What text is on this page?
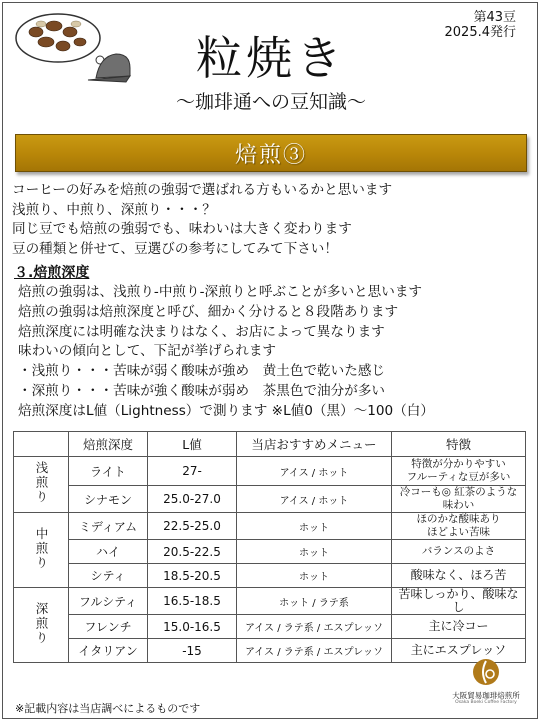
第43豆
2025.4発行
粒焼き
～珈琲通への豆知識～
焙煎③
コーヒーの好みを焙煎の強弱で選ばれる方もいるかと思います
浅煎り、中煎り、深煎り・・・？
同じ豆でも焙煎の強弱でも、味わいは大きく変わります
豆の種類と併せて、豆選びの参考にしてみて下さい！
３.焙煎深度
焙煎の強弱は、浅煎り-中煎り-深煎りと呼ぶことが多いと思います
焙煎の強弱は焙煎深度と呼び、細かく分けると８段階あります
焙煎深度には明確な決まりはなく、お店によって異なります
味わいの傾向として、下記が挙げられます
・浅煎り・・・苦味が弱く酸味が強め　黄土色で乾いた感じ
・深煎り・・・苦味が強く酸味が弱め　茶黒色で油分が多い
焙煎深度はL値（Lightness）で測ります ※L値0（黒）～100（白）
	焙煎深度	L値	当店おすすめメニュー	特徴
浅煎り	ライト	27-	アイス / ホット	特徴が分かりやすい
フルーティな豆が多い

	シナモン	25.0-27.0	アイス / ホット	冷コーも◎ 紅茶のような味わい

中煎り	ミディアム	22.5-25.0	ホット	ほのかな酸味あり
ほどよい苦味

	ハイ	20.5-22.5	ホット	バランスのよさ

	シティ	18.5-20.5	ホット	酸味なく、ほろ苦

深煎り	フルシティ	16.5-18.5	ホット / ラテ系	苦味しっかり、酸味なし

	フレンチ	15.0-16.5	アイス / ラテ系 / エスプレッソ	主に冷コー

	イタリアン	-15	アイス / ラテ系 / エスプレッソ	主にエスプレッソ
※記載内容は当店調べによるものです
大阪貿易珈琲焙煎所
Osaka Boeki Coffee Factory
